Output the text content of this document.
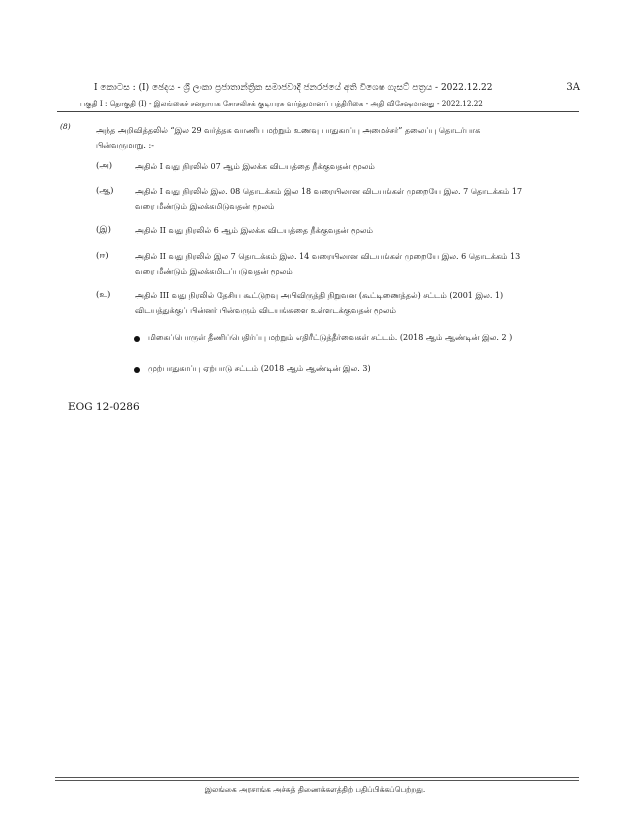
I කොටස : (I) ඡෙදය - ශ්‍රී ලංකා ප්‍රජාතාන්ත්‍රික සමාජවාදී ජනරජයේ අති විශෙෂ ගැසට් පත්‍රය - 2022.12.22	3A
பகுதி I : தொகுதி (I) - இலங்கைச் சனநாயக சோசலிசக் குடியரசு வர்த்தமானப் பத்திரிகை - அதி விசேஷமானது - 2022.12.22
(8)	அந்த அறிவித்தலில் “இல 29 வர்த்தக வாணிப மற்றும் உணவு பாதுகாப்பு அமைச்சர்” தலைப்பு தொடர்பாக
பின்வருமாறு. :-
(அ)	அதில் I வது நிரலில் 07 ஆம் இலக்க விடயத்தை நீக்குவதன் மூலம்
(ஆ)	அதில் I வது நிரலில் இல. 08 தொடக்கம் இல 18 வரையிலான விடயங்கள் முறையே இல. 7 தொடக்கம் 17
வரை மீண்டும் இலக்கமிடுவதன் மூலம்
(இ)	அதில் II வது நிரலில் 6 ஆம் இலக்க விடயத்தை நீக்குவதன் மூலம்
(ஈ)	அதில் II வது நிரலில் இல 7 தொடக்கம் இல. 14 வரையிலான விடயங்கள் முறையே இல. 6 தொடக்கம் 13
வரை மீண்டும் இலக்கமிடப்படுவதன் மூலம்
(உ)	அதில் III வது நிரலில் தேசிய கூட்டுறவு அபிவிருத்தி நிறுவன (கூட்டிணைத்தல்) சட்டம் (2001 இல. 1)
விடயத்துக்குப் பின்னர் பின்வரும் விடயங்களை உள்ளடக்குவதன் மூலம்
மிகைப்பொருள் தீணிப்பெதிர்ப்பு மற்றும் எதிரீட்டுத்தீர்வைகள் சட்டம். (2018 ஆம் ஆண்டின் இல. 2 )
முற்பாதுகாப்பு ஏற்பாடு சட்டம் (2018 ஆம் ஆண்டின் இல. 3)
EOG 12-0286
இலங்கை அரசாங்க அச்சுத் திணைக்களத்திற் பதிப்பிக்கப்பெற்றது.
